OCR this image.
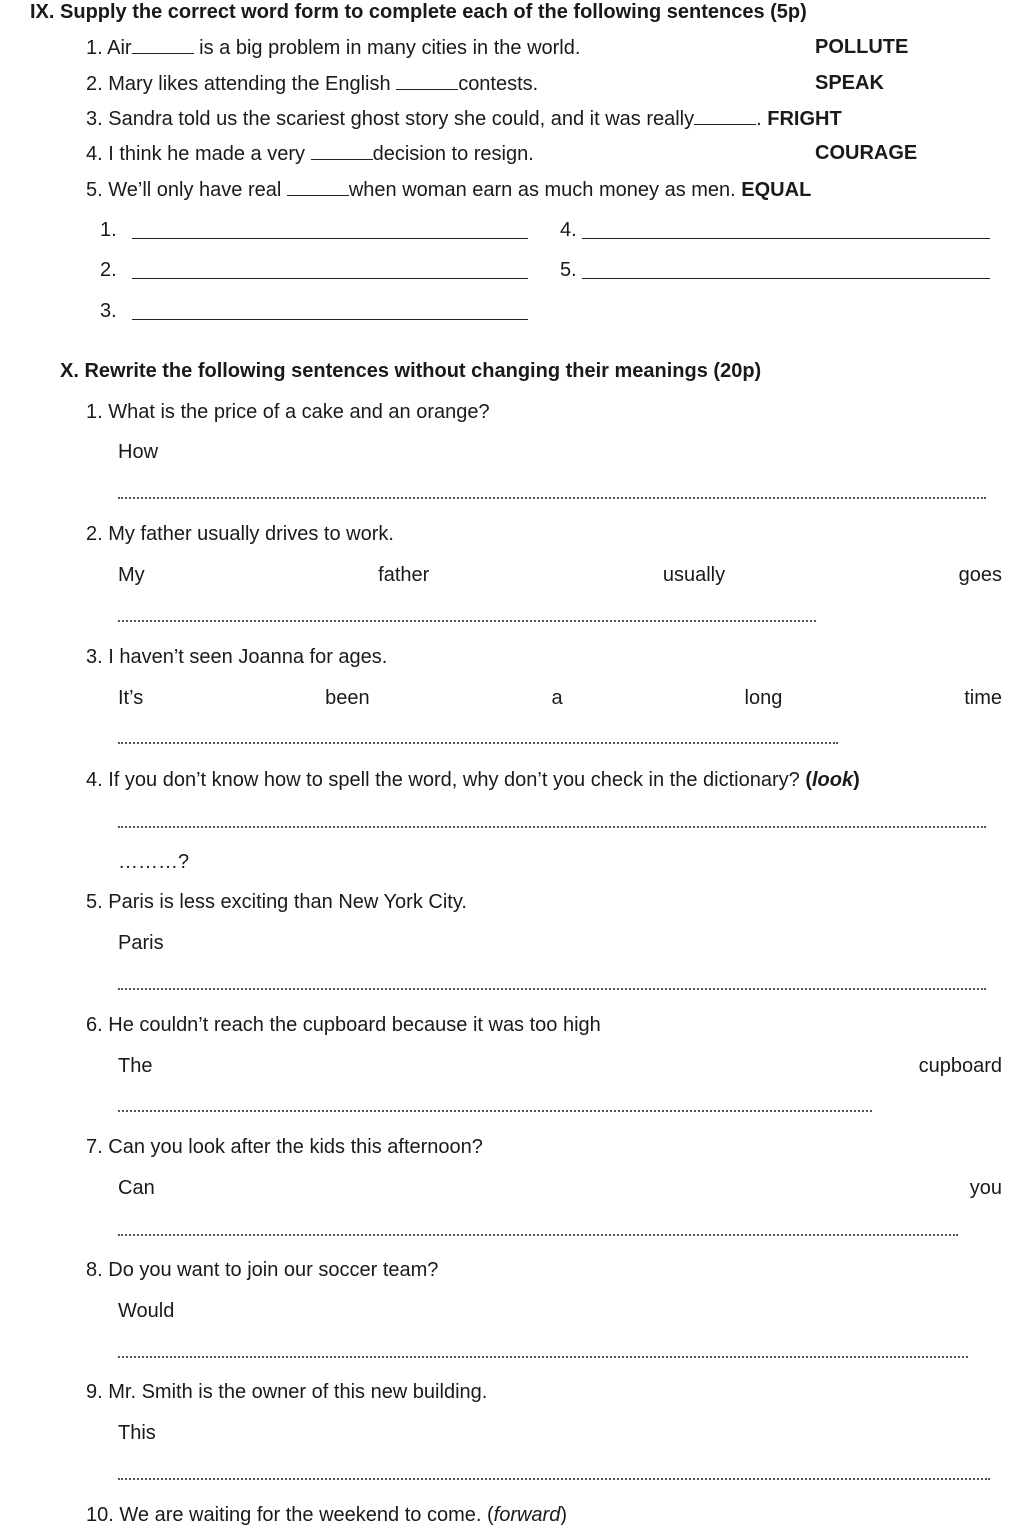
IX. Supply the correct word form to complete each of the following sentences (5p)
1. Air	is a big problem in many cities in the world.	POLLUTE
2. Mary likes attending the English	contests.	SPEAK
3. Sandra told us the scariest ghost story she could, and it was really	. FRIGHT
4. I think he made a very	decision to resign.	COURAGE
5. We’ll only have real	when woman earn as much money as men. EQUAL
1.
2.
3.
4.
5.
X. Rewrite the following sentences without changing their meanings (20p)
1. What is the price of a cake and an orange?
How
2. My father usually drives to work.
My	father	usually	goes
3. I haven’t seen Joanna for ages.
It’s	been	a	long	time
4. If you don’t know how to spell the word, why don’t you check in the dictionary? (look)
………?
5. Paris is less exciting than New York City.
Paris
6. He couldn’t reach the cupboard because it was too high
The	cupboard
7. Can you look after the kids this afternoon?
Can	you
8. Do you want to join our soccer team?
Would
9. Mr. Smith is the owner of this new building.
This
10. We are waiting for the weekend to come. (forward)
